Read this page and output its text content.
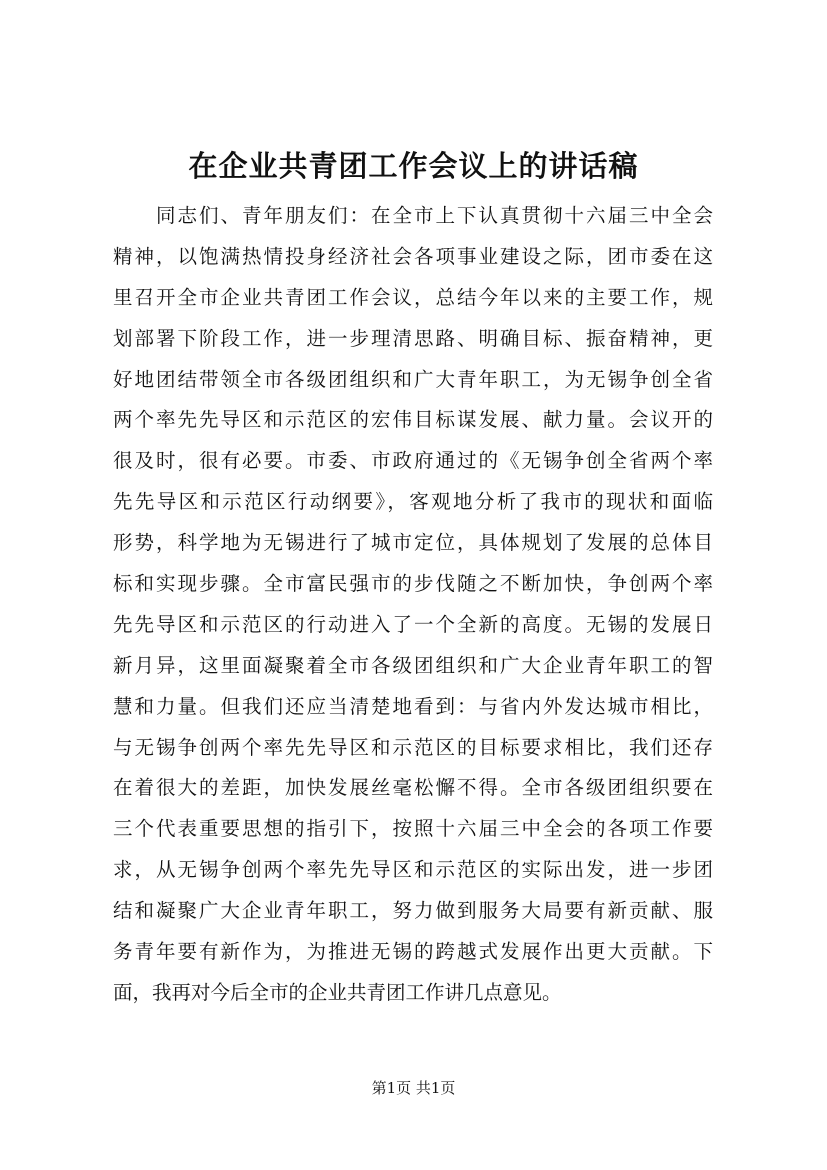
在企业共青团工作会议上的讲话稿
　　同志们、青年朋友们：在全市上下认真贯彻十六届三中全会
精神，以饱满热情投身经济社会各项事业建设之际，团市委在这
里召开全市企业共青团工作会议，总结今年以来的主要工作，规
划部署下阶段工作，进一步理清思路、明确目标、振奋精神，更
好地团结带领全市各级团组织和广大青年职工，为无锡争创全省
两个率先先导区和示范区的宏伟目标谋发展、献力量。会议开的
很及时，很有必要。市委、市政府通过的《无锡争创全省两个率
先先导区和示范区行动纲要》，客观地分析了我市的现状和面临
形势，科学地为无锡进行了城市定位，具体规划了发展的总体目
标和实现步骤。全市富民强市的步伐随之不断加快，争创两个率
先先导区和示范区的行动进入了一个全新的高度。无锡的发展日
新月异，这里面凝聚着全市各级团组织和广大企业青年职工的智
慧和力量。但我们还应当清楚地看到：与省内外发达城市相比，
与无锡争创两个率先先导区和示范区的目标要求相比，我们还存
在着很大的差距，加快发展丝毫松懈不得。全市各级团组织要在
三个代表重要思想的指引下，按照十六届三中全会的各项工作要
求，从无锡争创两个率先先导区和示范区的实际出发，进一步团
结和凝聚广大企业青年职工，努力做到服务大局要有新贡献、服
务青年要有新作为，为推进无锡的跨越式发展作出更大贡献。下
面，我再对今后全市的企业共青团工作讲几点意见。
第1页 共1页
